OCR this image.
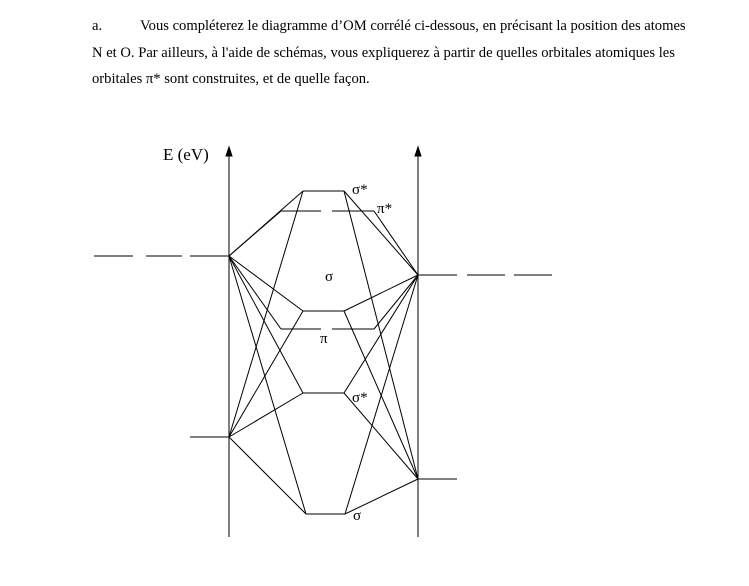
a.	Vous compléterez le diagramme d’OM corrélé ci-dessous, en précisant la position des atomes
N et O. Par ailleurs, à l'aide de schémas, vous expliquerez à partir de quelles orbitales atomiques les
orbitales π* sont construites, et de quelle façon.
E (eV)
σ*
π*
σ
π
σ*
σ
